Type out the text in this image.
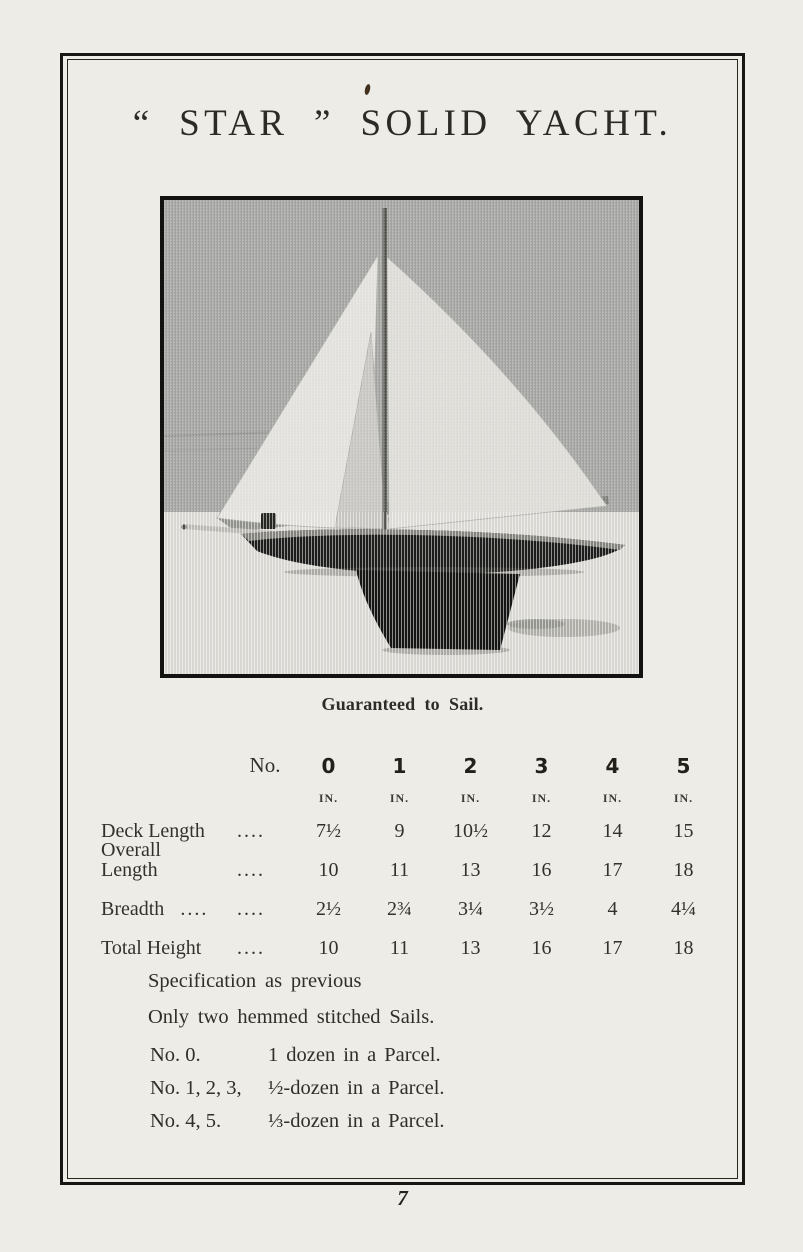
“ STAR ” SOLID YACHT.
Guaranteed to Sail.
No.	0	1	2	3	4	5
IN.	IN.	IN.	IN.	IN.	IN.
Deck Length ....	7½	9	10½	12	14	15
Overall Length	....	10	11	13	16	17	18
Breadth .... ....	2½	2¾	3¼	3½	4	4¼
Total Height ....	10	11	13	16	17	18

Specification as previous

Only two hemmed stitched Sails.

No. 0.	1 dozen in a Parcel.
No. 1, 2, 3,	½-dozen in a Parcel.
No. 4, 5.	⅓-dozen in a Parcel.
7
